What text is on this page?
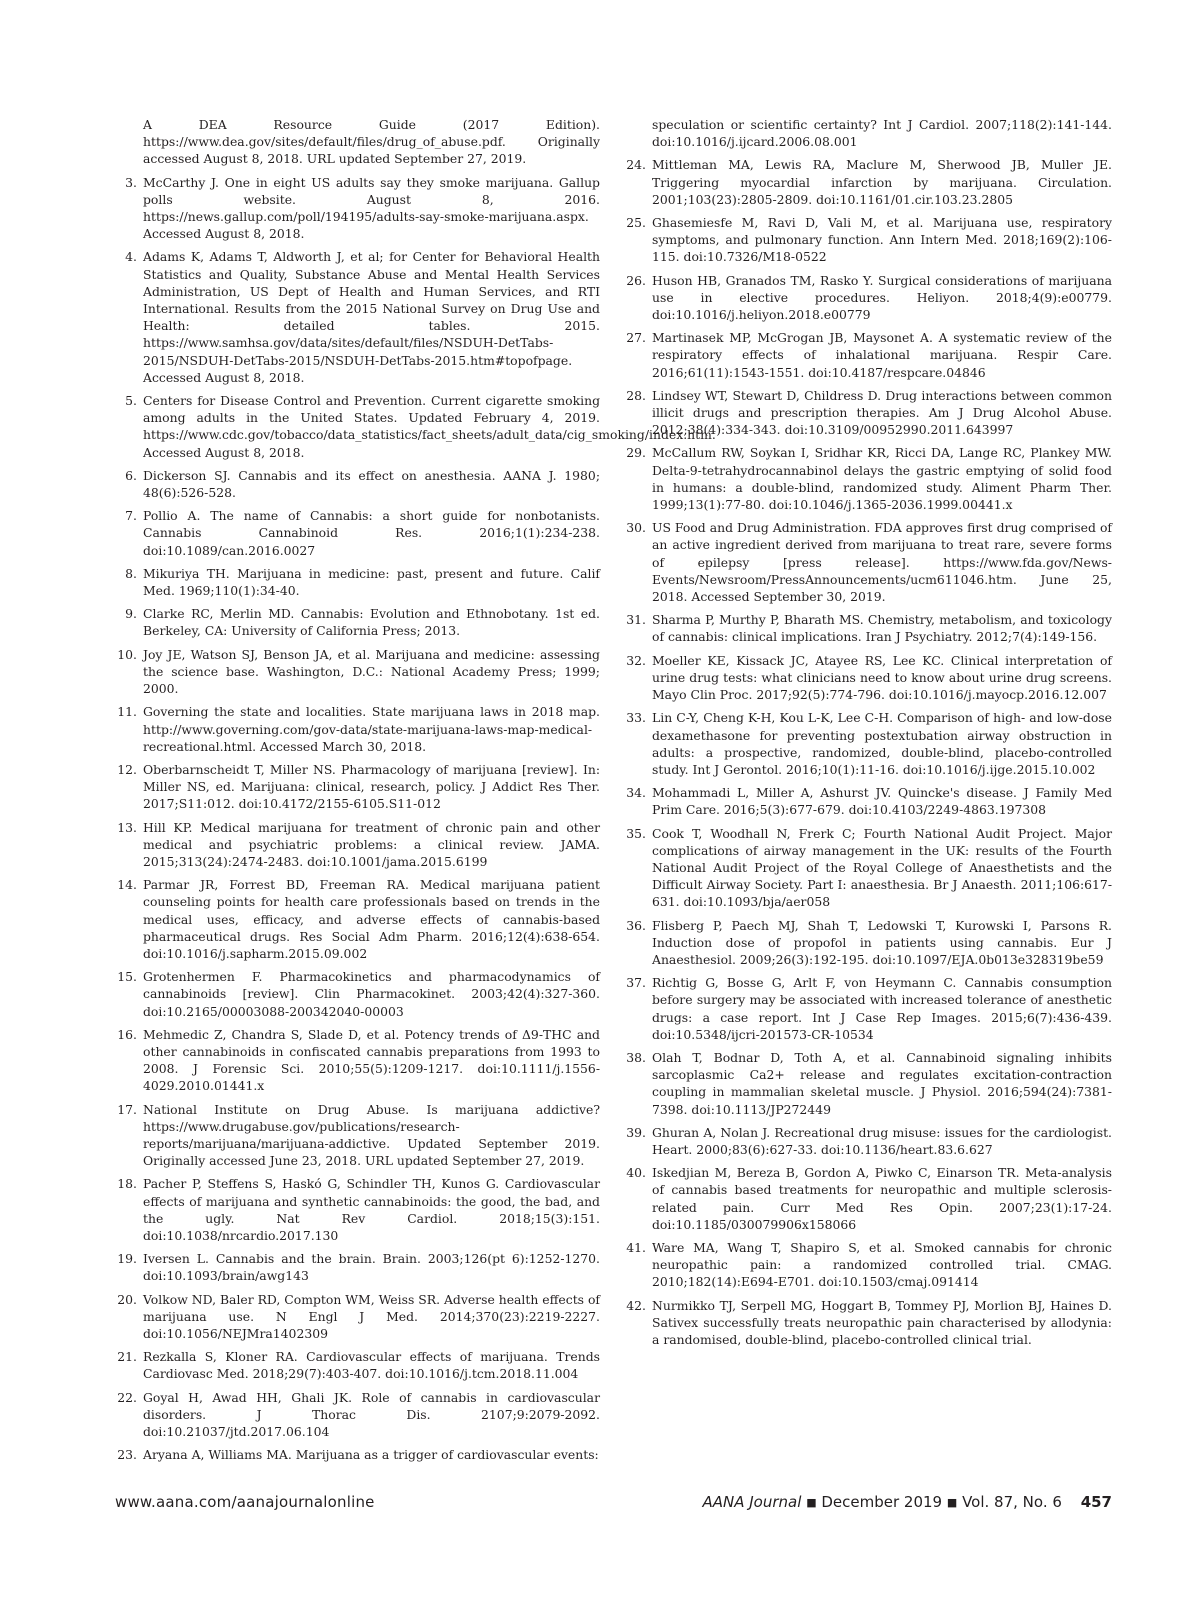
A DEA Resource Guide (2017 Edition). https://www.dea.gov/sites/default/files/drug_of_abuse.pdf. Originally accessed August 8, 2018. URL updated September 27, 2019.
3. McCarthy J. One in eight US adults say they smoke marijuana. Gallup polls website. August 8, 2016. https://news.gallup.com/poll/194195/adults-say-smoke-marijuana.aspx. Accessed August 8, 2018.
4. Adams K, Adams T, Aldworth J, et al; for Center for Behavioral Health Statistics and Quality, Substance Abuse and Mental Health Services Administration, US Dept of Health and Human Services, and RTI International. Results from the 2015 National Survey on Drug Use and Health: detailed tables. 2015. https://www.samhsa.gov/data/sites/default/files/NSDUH-DetTabs-2015/NSDUH-DetTabs-2015/NSDUH-DetTabs-2015.htm#topofpage. Accessed August 8, 2018.
5. Centers for Disease Control and Prevention. Current cigarette smoking among adults in the United States. Updated February 4, 2019. https://www.cdc.gov/tobacco/data_statistics/fact_sheets/adult_data/cig_smoking/index.htm. Accessed August 8, 2018.
6. Dickerson SJ. Cannabis and its effect on anesthesia. AANA J. 1980; 48(6):526-528.
7. Pollio A. The name of Cannabis: a short guide for nonbotanists. Cannabis Cannabinoid Res. 2016;1(1):234-238. doi:10.1089/can.2016.0027
8. Mikuriya TH. Marijuana in medicine: past, present and future. Calif Med. 1969;110(1):34-40.
9. Clarke RC, Merlin MD. Cannabis: Evolution and Ethnobotany. 1st ed. Berkeley, CA: University of California Press; 2013.
10. Joy JE, Watson SJ, Benson JA, et al. Marijuana and medicine: assessing the science base. Washington, D.C.: National Academy Press; 1999; 2000.
11. Governing the state and localities. State marijuana laws in 2018 map. http://www.governing.com/gov-data/state-marijuana-laws-map-medical-recreational.html. Accessed March 30, 2018.
12. Oberbarnscheidt T, Miller NS. Pharmacology of marijuana [review]. In: Miller NS, ed. Marijuana: clinical, research, policy. J Addict Res Ther. 2017;S11:012. doi:10.4172/2155-6105.S11-012
13. Hill KP. Medical marijuana for treatment of chronic pain and other medical and psychiatric problems: a clinical review. JAMA. 2015;313(24):2474-2483. doi:10.1001/jama.2015.6199
14. Parmar JR, Forrest BD, Freeman RA. Medical marijuana patient counseling points for health care professionals based on trends in the medical uses, efficacy, and adverse effects of cannabis-based pharmaceutical drugs. Res Social Adm Pharm. 2016;12(4):638-654. doi:10.1016/j.sapharm.2015.09.002
15. Grotenhermen F. Pharmacokinetics and pharmacodynamics of cannabinoids [review]. Clin Pharmacokinet. 2003;42(4):327-360. doi:10.2165/00003088-200342040-00003
16. Mehmedic Z, Chandra S, Slade D, et al. Potency trends of Δ9-THC and other cannabinoids in confiscated cannabis preparations from 1993 to 2008. J Forensic Sci. 2010;55(5):1209-1217. doi:10.1111/j.1556-4029.2010.01441.x
17. National Institute on Drug Abuse. Is marijuana addictive? https://www.drugabuse.gov/publications/research-reports/marijuana/marijuana-addictive. Updated September 2019. Originally accessed June 23, 2018. URL updated September 27, 2019.
18. Pacher P, Steffens S, Haskó G, Schindler TH, Kunos G. Cardiovascular effects of marijuana and synthetic cannabinoids: the good, the bad, and the ugly. Nat Rev Cardiol. 2018;15(3):151. doi:10.1038/nrcardio.2017.130
19. Iversen L. Cannabis and the brain. Brain. 2003;126(pt 6):1252-1270. doi:10.1093/brain/awg143
20. Volkow ND, Baler RD, Compton WM, Weiss SR. Adverse health effects of marijuana use. N Engl J Med. 2014;370(23):2219-2227. doi:10.1056/NEJMra1402309
21. Rezkalla S, Kloner RA. Cardiovascular effects of marijuana. Trends Cardiovasc Med. 2018;29(7):403-407. doi:10.1016/j.tcm.2018.11.004
22. Goyal H, Awad HH, Ghali JK. Role of cannabis in cardiovascular disorders. J Thorac Dis. 2107;9:2079-2092. doi:10.21037/jtd.2017.06.104
23. Aryana A, Williams MA. Marijuana as a trigger of cardiovascular events:
speculation or scientific certainty? Int J Cardiol. 2007;118(2):141-144. doi:10.1016/j.ijcard.2006.08.001
24. Mittleman MA, Lewis RA, Maclure M, Sherwood JB, Muller JE. Triggering myocardial infarction by marijuana. Circulation. 2001;103(23):2805-2809. doi:10.1161/01.cir.103.23.2805
25. Ghasemiesfe M, Ravi D, Vali M, et al. Marijuana use, respiratory symptoms, and pulmonary function. Ann Intern Med. 2018;169(2):106-115. doi:10.7326/M18-0522
26. Huson HB, Granados TM, Rasko Y. Surgical considerations of marijuana use in elective procedures. Heliyon. 2018;4(9):e00779. doi:10.1016/j.heliyon.2018.e00779
27. Martinasek MP, McGrogan JB, Maysonet A. A systematic review of the respiratory effects of inhalational marijuana. Respir Care. 2016;61(11):1543-1551. doi:10.4187/respcare.04846
28. Lindsey WT, Stewart D, Childress D. Drug interactions between common illicit drugs and prescription therapies. Am J Drug Alcohol Abuse. 2012;38(4):334-343. doi:10.3109/00952990.2011.643997
29. McCallum RW, Soykan I, Sridhar KR, Ricci DA, Lange RC, Plankey MW. Delta-9-tetrahydrocannabinol delays the gastric emptying of solid food in humans: a double-blind, randomized study. Aliment Pharm Ther. 1999;13(1):77-80. doi:10.1046/j.1365-2036.1999.00441.x
30. US Food and Drug Administration. FDA approves first drug comprised of an active ingredient derived from marijuana to treat rare, severe forms of epilepsy [press release]. https://www.fda.gov/News-Events/Newsroom/PressAnnouncements/ucm611046.htm. June 25, 2018. Accessed September 30, 2019.
31. Sharma P, Murthy P, Bharath MS. Chemistry, metabolism, and toxicology of cannabis: clinical implications. Iran J Psychiatry. 2012;7(4):149-156.
32. Moeller KE, Kissack JC, Atayee RS, Lee KC. Clinical interpretation of urine drug tests: what clinicians need to know about urine drug screens. Mayo Clin Proc. 2017;92(5):774-796. doi:10.1016/j.mayocp.2016.12.007
33. Lin C-Y, Cheng K-H, Kou L-K, Lee C-H. Comparison of high- and low-dose dexamethasone for preventing postextubation airway obstruction in adults: a prospective, randomized, double-blind, placebo-controlled study. Int J Gerontol. 2016;10(1):11-16. doi:10.1016/j.ijge.2015.10.002
34. Mohammadi L, Miller A, Ashurst JV. Quincke's disease. J Family Med Prim Care. 2016;5(3):677-679. doi:10.4103/2249-4863.197308
35. Cook T, Woodhall N, Frerk C; Fourth National Audit Project. Major complications of airway management in the UK: results of the Fourth National Audit Project of the Royal College of Anaesthetists and the Difficult Airway Society. Part I: anaesthesia. Br J Anaesth. 2011;106:617-631. doi:10.1093/bja/aer058
36. Flisberg P, Paech MJ, Shah T, Ledowski T, Kurowski I, Parsons R. Induction dose of propofol in patients using cannabis. Eur J Anaesthesiol. 2009;26(3):192-195. doi:10.1097/EJA.0b013e328319be59
37. Richtig G, Bosse G, Arlt F, von Heymann C. Cannabis consumption before surgery may be associated with increased tolerance of anesthetic drugs: a case report. Int J Case Rep Images. 2015;6(7):436-439. doi:10.5348/ijcri-201573-CR-10534
38. Olah T, Bodnar D, Toth A, et al. Cannabinoid signaling inhibits sarcoplasmic Ca2+ release and regulates excitation-contraction coupling in mammalian skeletal muscle. J Physiol. 2016;594(24):7381-7398. doi:10.1113/JP272449
39. Ghuran A, Nolan J. Recreational drug misuse: issues for the cardiologist. Heart. 2000;83(6):627-33. doi:10.1136/heart.83.6.627
40. Iskedjian M, Bereza B, Gordon A, Piwko C, Einarson TR. Meta-analysis of cannabis based treatments for neuropathic and multiple sclerosis-related pain. Curr Med Res Opin. 2007;23(1):17-24. doi:10.1185/030079906x158066
41. Ware MA, Wang T, Shapiro S, et al. Smoked cannabis for chronic neuropathic pain: a randomized controlled trial. CMAG. 2010;182(14):E694-E701. doi:10.1503/cmaj.091414
42. Nurmikko TJ, Serpell MG, Hoggart B, Tommey PJ, Morlion BJ, Haines D. Sativex successfully treats neuropathic pain characterised by allodynia: a randomised, double-blind, placebo-controlled clinical trial.
www.aana.com/aanajournalonline	AANA Journal ■ December 2019 ■ Vol. 87, No. 6 457
